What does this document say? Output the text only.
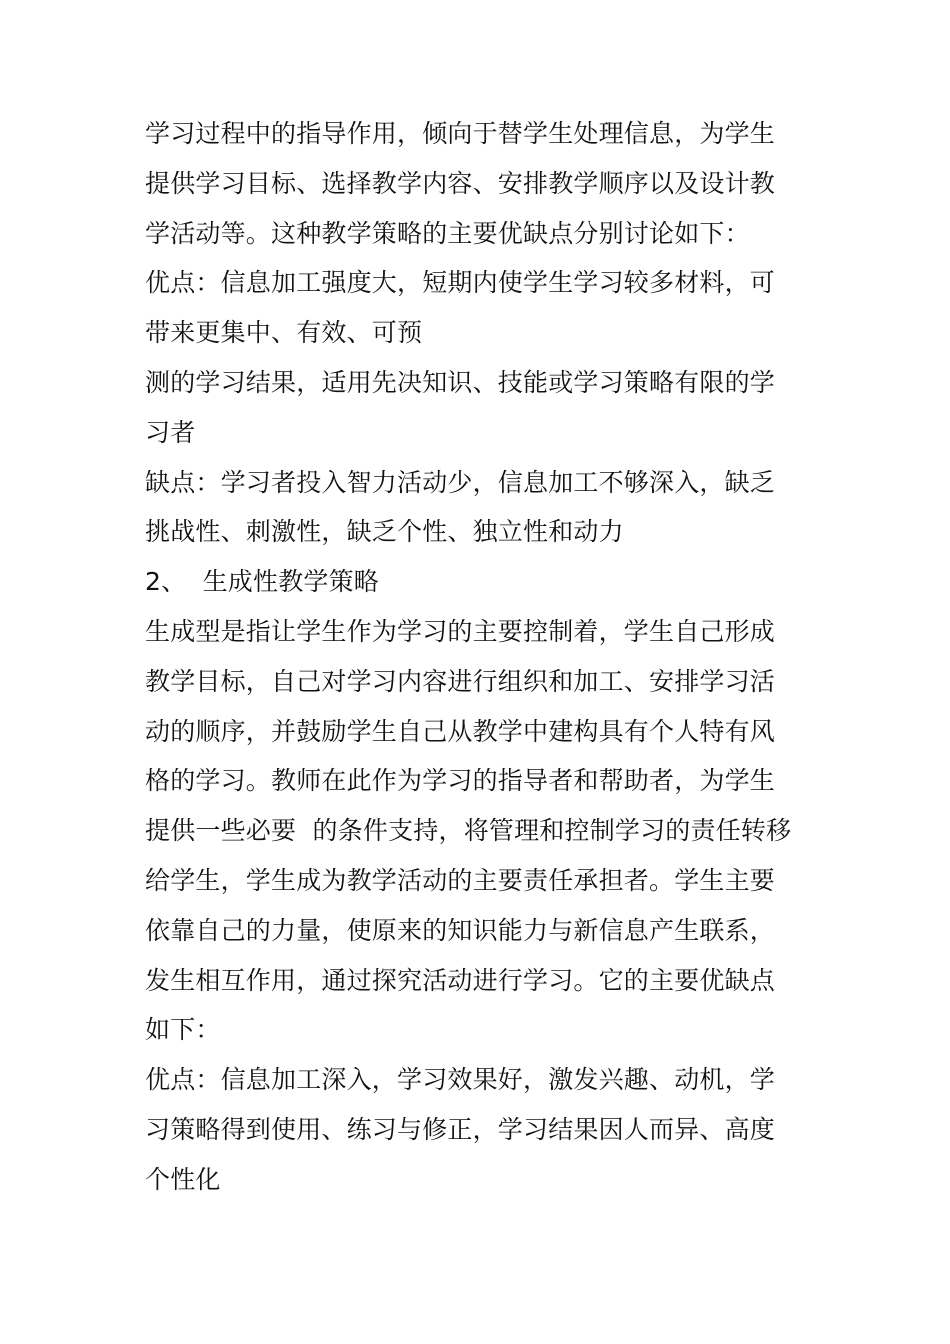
学习过程中的指导作用，倾向于替学生处理信息，为学生
提供学习目标、选择教学内容、安排教学顺序以及设计教
学活动等。这种教学策略的主要优缺点分别讨论如下：
优点：信息加工强度大，短期内使学生学习较多材料，可
带来更集中、有效、可预
测的学习结果，适用先决知识、技能或学习策略有限的学
习者
缺点：学习者投入智力活动少，信息加工不够深入，缺乏
挑战性、刺激性，缺乏个性、独立性和动力
2、  生成性教学策略
生成型是指让学生作为学习的主要控制着，学生自己形成
教学目标，自己对学习内容进行组织和加工、安排学习活
动的顺序，并鼓励学生自己从教学中建构具有个人特有风
格的学习。教师在此作为学习的指导者和帮助者，为学生
提供一些必要  的条件支持，将管理和控制学习的责任转移
给学生，学生成为教学活动的主要责任承担者。学生主要
依靠自己的力量，使原来的知识能力与新信息产生联系，
发生相互作用，通过探究活动进行学习。它的主要优缺点
如下：
优点：信息加工深入，学习效果好，激发兴趣、动机，学
习策略得到使用、练习与修正，学习结果因人而异、高度
个性化
